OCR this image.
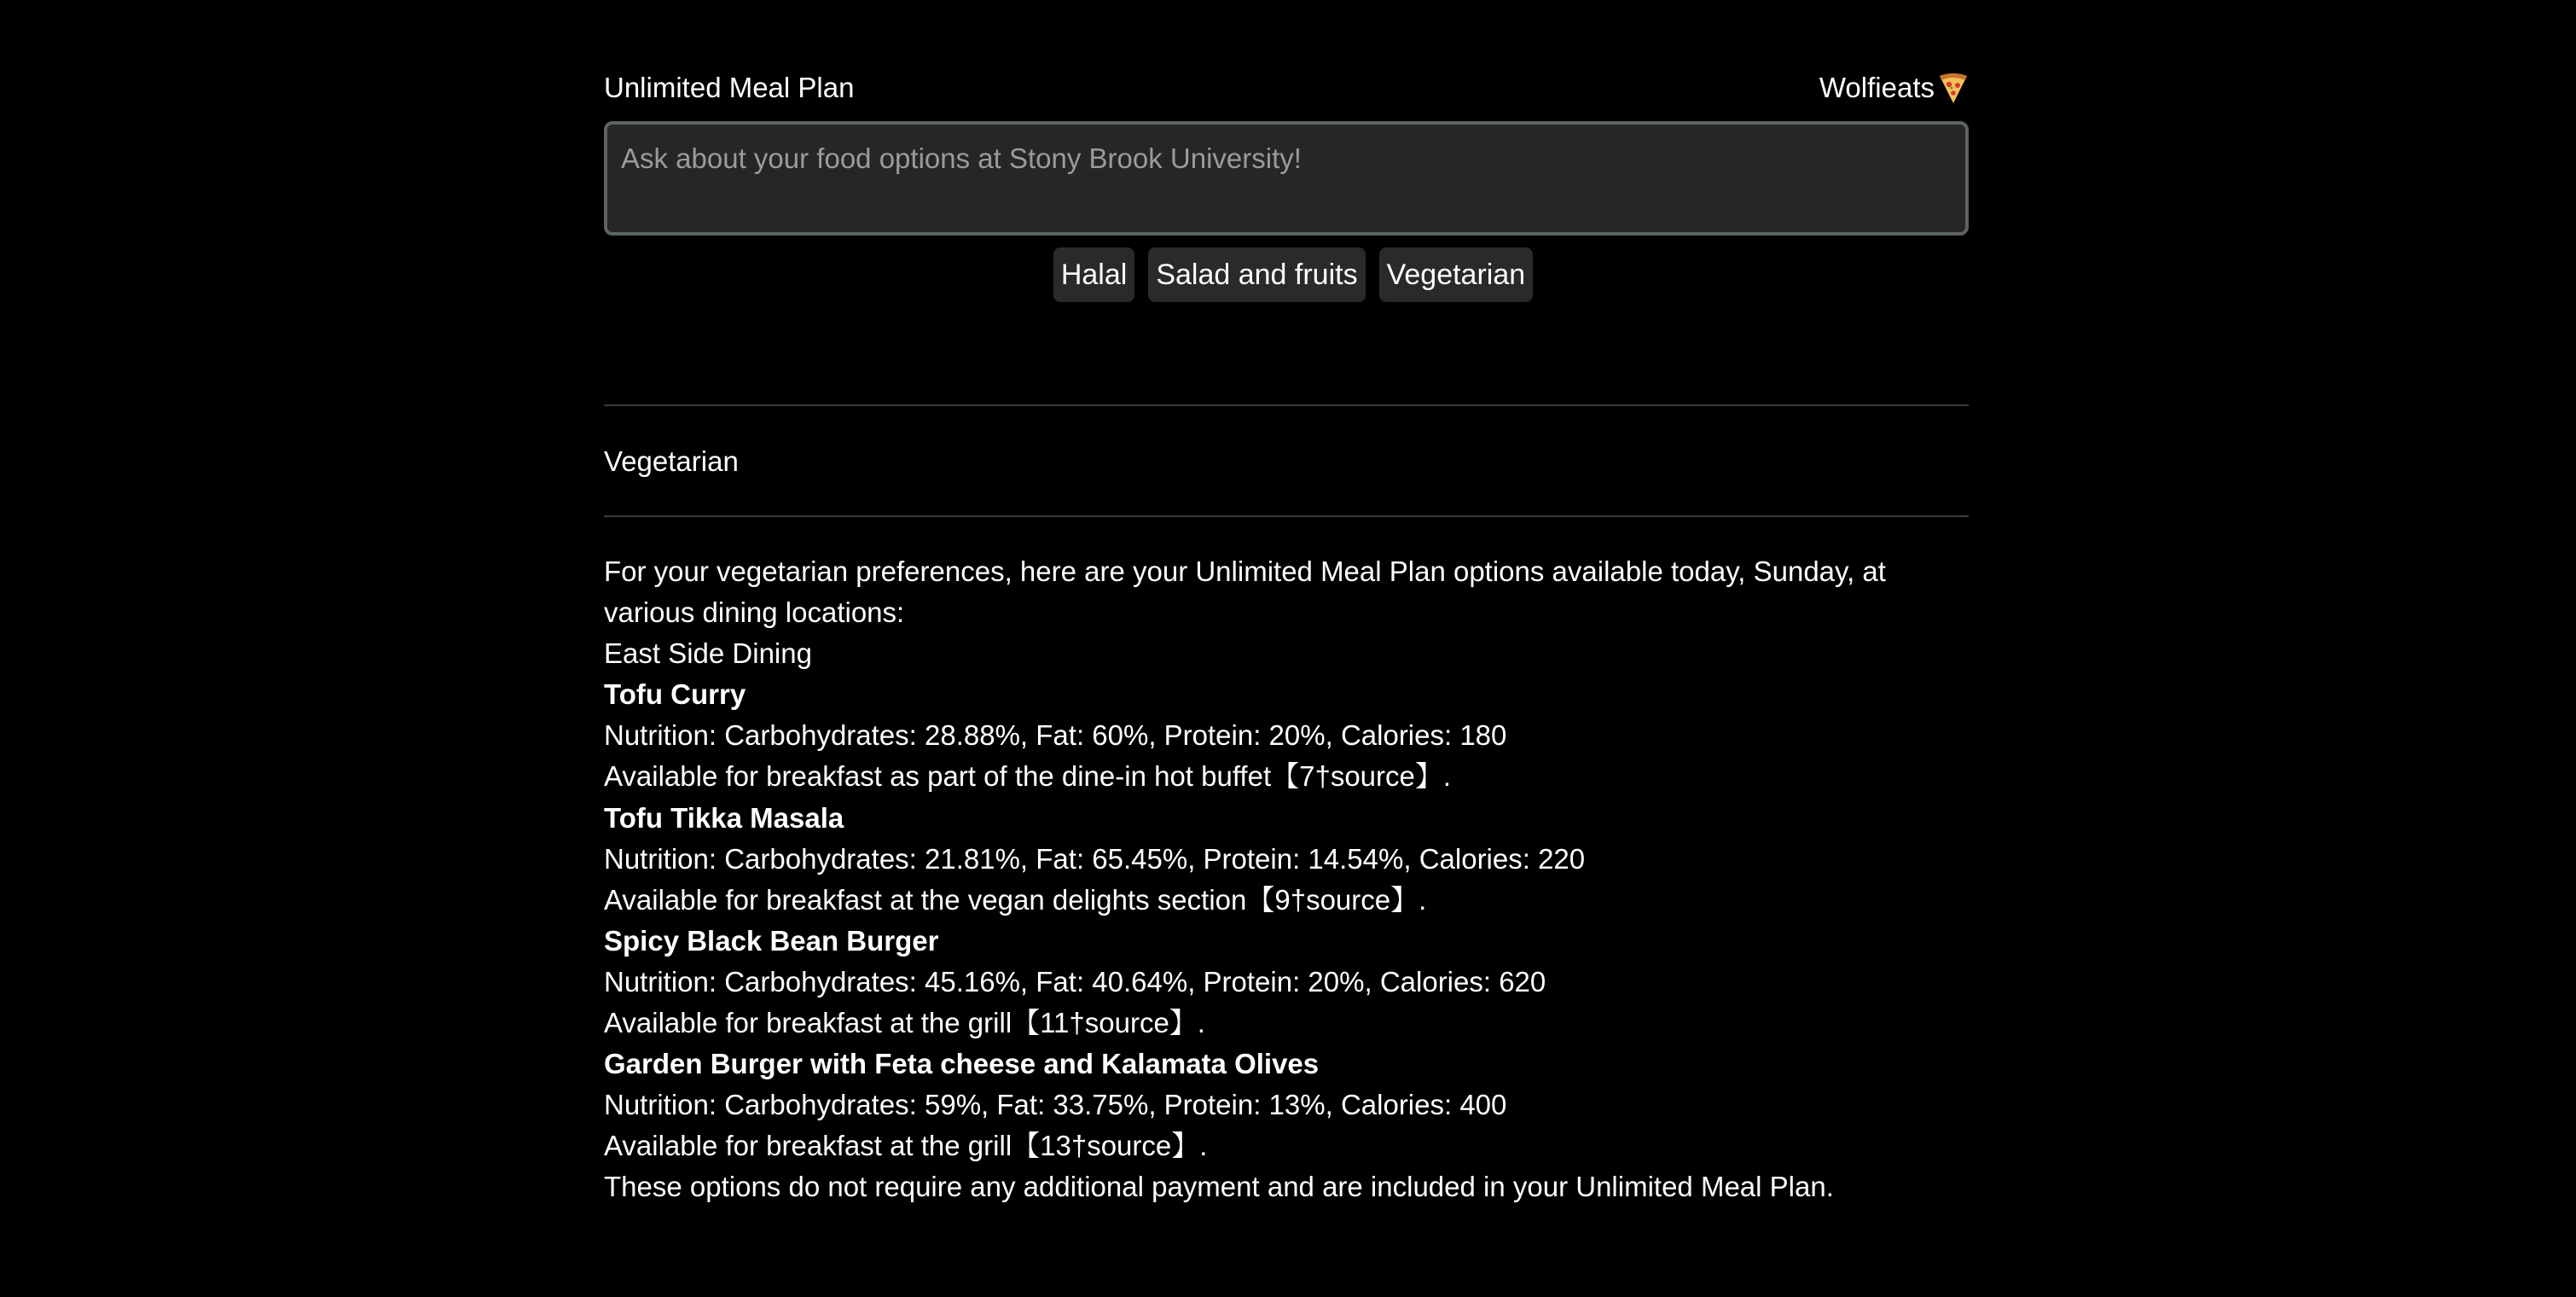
Unlimited Meal Plan	Wolfieats
Ask about your food options at Stony Brook University!
Halal Salad and fruits Vegetarian
Vegetarian

For your vegetarian preferences, here are your Unlimited Meal Plan options available today, Sunday, at various dining locations:

East Side Dining

Tofu Curry

Nutrition: Carbohydrates: 28.88%, Fat: 60%, Protein: 20%, Calories: 180

Available for breakfast as part of the dine-in hot buffet【7†source】.

Tofu Tikka Masala

Nutrition: Carbohydrates: 21.81%, Fat: 65.45%, Protein: 14.54%, Calories: 220

Available for breakfast at the vegan delights section【9†source】.

Spicy Black Bean Burger

Nutrition: Carbohydrates: 45.16%, Fat: 40.64%, Protein: 20%, Calories: 620

Available for breakfast at the grill【11†source】.

Garden Burger with Feta cheese and Kalamata Olives

Nutrition: Carbohydrates: 59%, Fat: 33.75%, Protein: 13%, Calories: 400

Available for breakfast at the grill【13†source】.

These options do not require any additional payment and are included in your Unlimited Meal Plan.
